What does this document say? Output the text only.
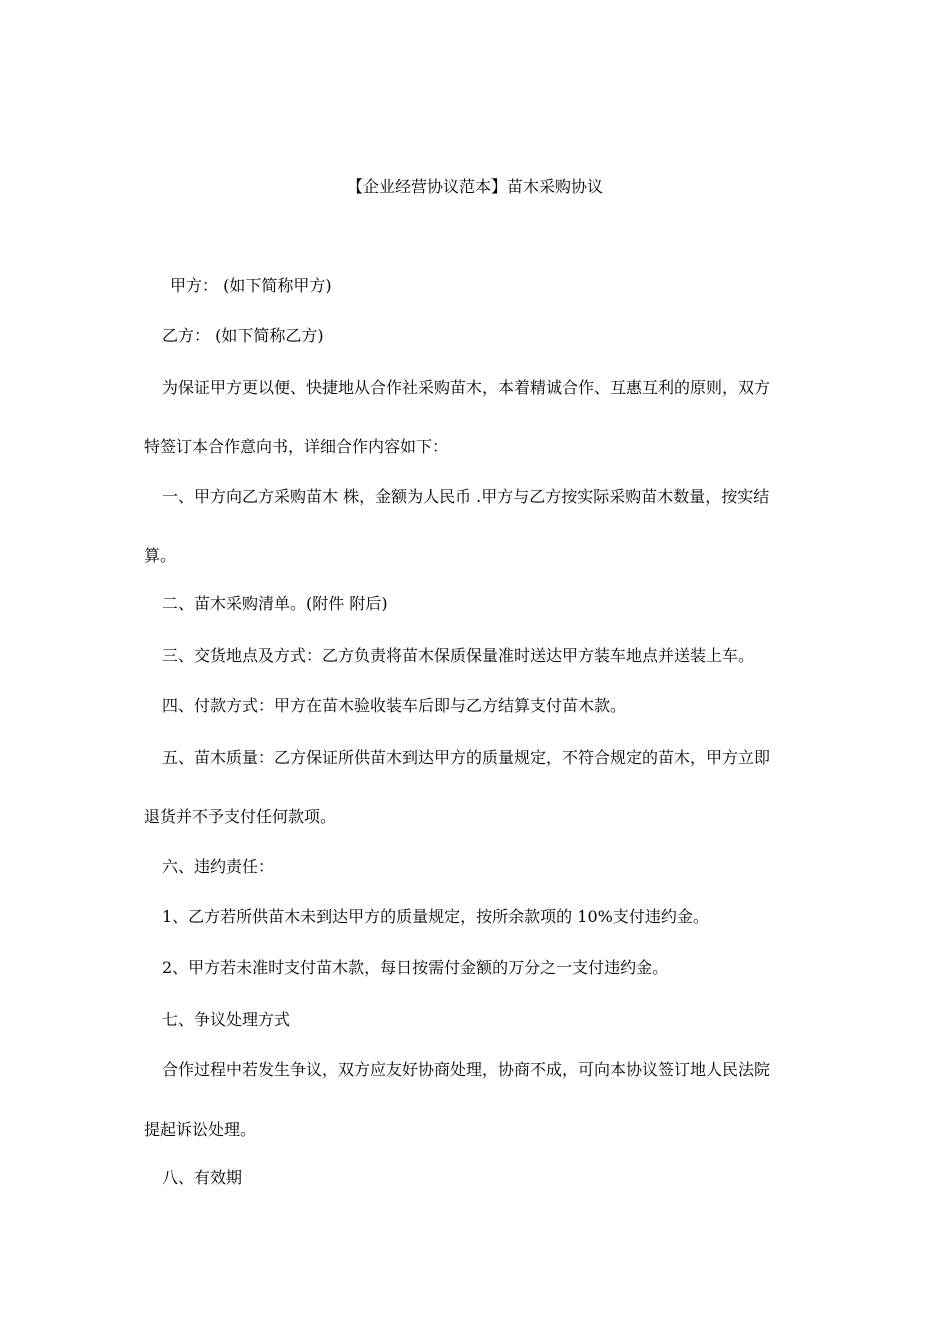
【企业经营协议范本】苗木采购协议
甲方： (如下简称甲方)
乙方： (如下简称乙方)
为保证甲方更以便、快捷地从合作社采购苗木，本着精诚合作、互惠互利的原则，双方
特签订本合作意向书，详细合作内容如下：
一、甲方向乙方采购苗木 株，金额为人民币 .甲方与乙方按实际采购苗木数量，按实结
算。
二、苗木采购清单。(附件 附后)
三、交货地点及方式：乙方负责将苗木保质保量准时送达甲方装车地点并送装上车。
四、付款方式：甲方在苗木验收装车后即与乙方结算支付苗木款。
五、苗木质量：乙方保证所供苗木到达甲方的质量规定，不符合规定的苗木，甲方立即
退货并不予支付任何款项。
六、违约责任：
1、乙方若所供苗木未到达甲方的质量规定，按所余款项的 10%支付违约金。
2、甲方若未准时支付苗木款，每日按需付金额的万分之一支付违约金。
七、争议处理方式
合作过程中若发生争议，双方应友好协商处理，协商不成，可向本协议签订地人民法院
提起诉讼处理。
八、有效期
